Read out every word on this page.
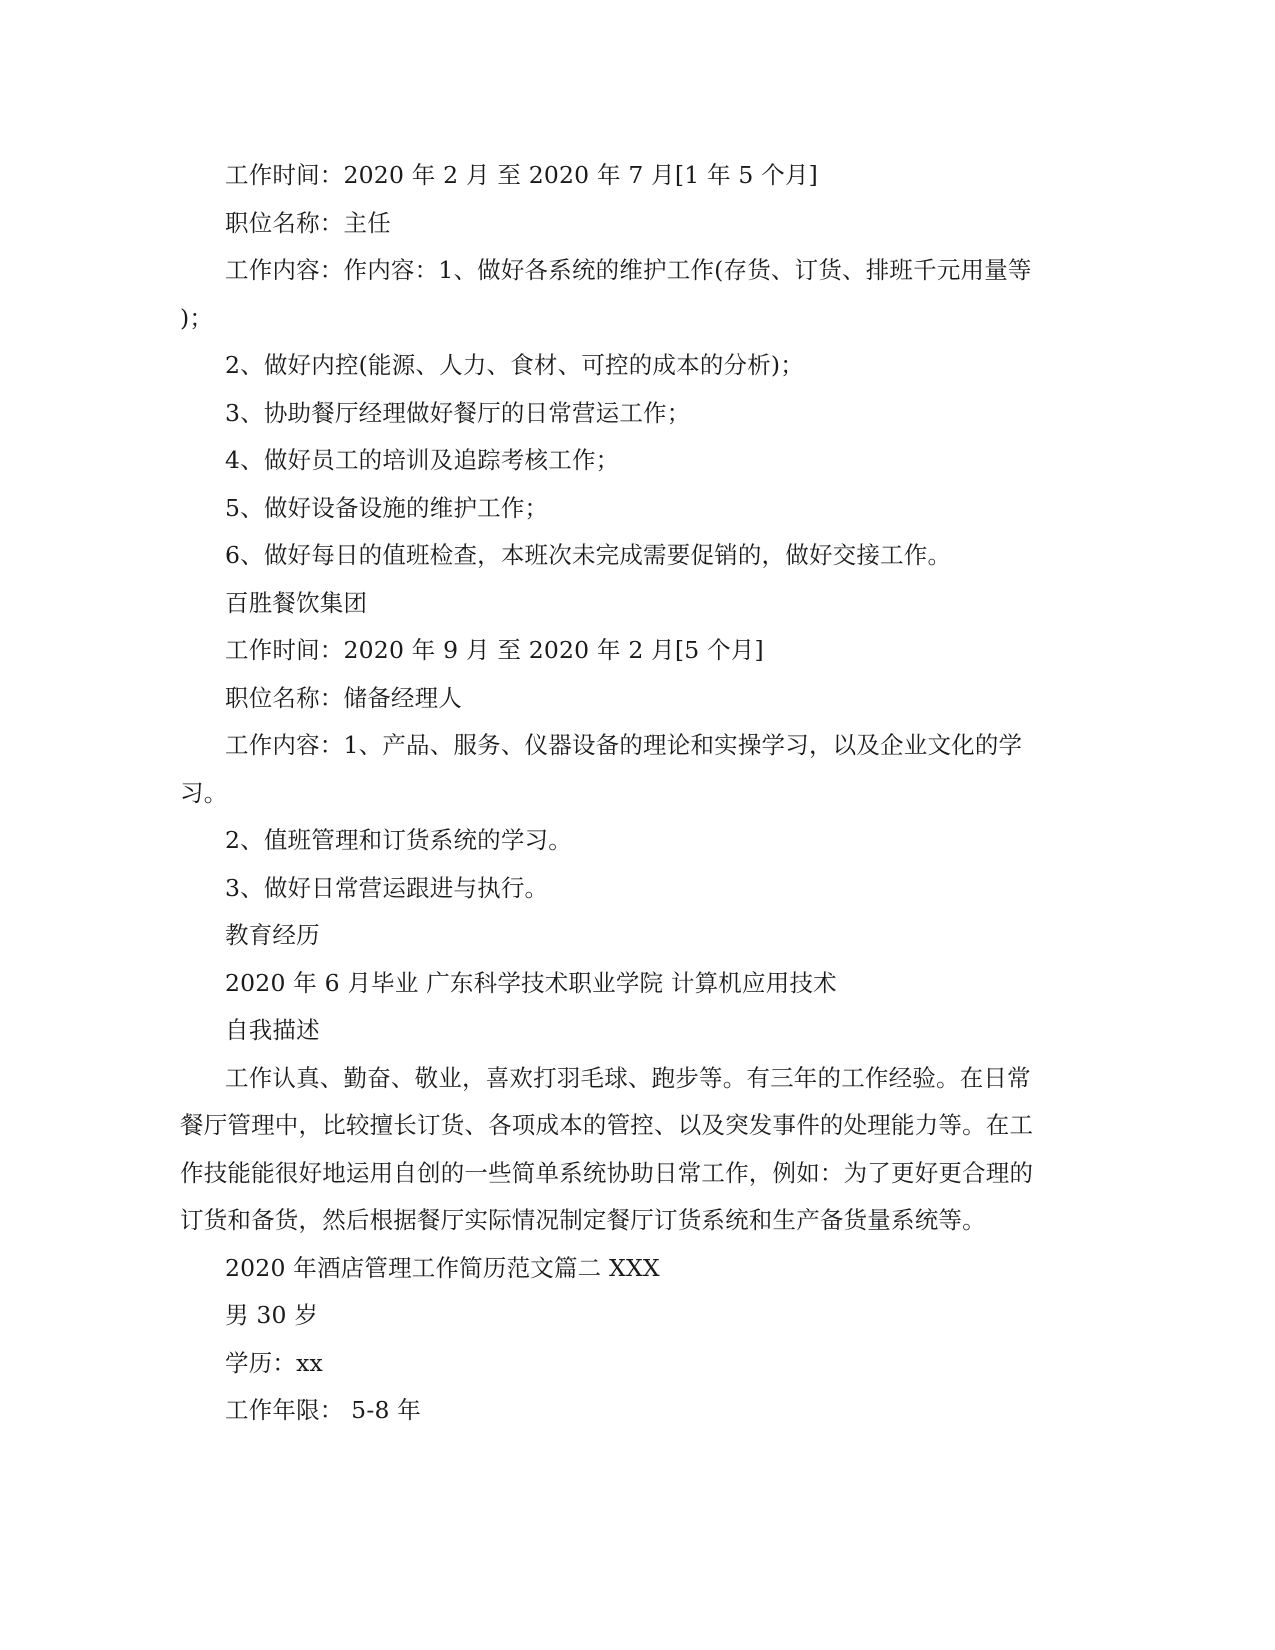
工作时间：2020 年 2 月 至 2020 年 7 月[1 年 5 个月]
职位名称：主任
工作内容：作内容：1、做好各系统的维护工作(存货、订货、排班千元用量等
)；
2、做好内控(能源、人力、食材、可控的成本的分析)；
3、协助餐厅经理做好餐厅的日常营运工作；
4、做好员工的培训及追踪考核工作；
5、做好设备设施的维护工作；
6、做好每日的值班检查，本班次未完成需要促销的，做好交接工作。
百胜餐饮集团
工作时间：2020 年 9 月 至 2020 年 2 月[5 个月]
职位名称：储备经理人
工作内容：1、产品、服务、仪器设备的理论和实操学习，以及企业文化的学
习。
2、值班管理和订货系统的学习。
3、做好日常营运跟进与执行。
教育经历
2020 年 6 月毕业 广东科学技术职业学院 计算机应用技术
自我描述
工作认真、勤奋、敬业，喜欢打羽毛球、跑步等。有三年的工作经验。在日常
餐厅管理中，比较擅长订货、各项成本的管控、以及突发事件的处理能力等。在工
作技能能很好地运用自创的一些简单系统协助日常工作，例如：为了更好更合理的
订货和备货，然后根据餐厅实际情况制定餐厅订货系统和生产备货量系统等。
2020 年酒店管理工作简历范文篇二 XXX
男 30 岁
学历：xx
工作年限： 5-8 年
